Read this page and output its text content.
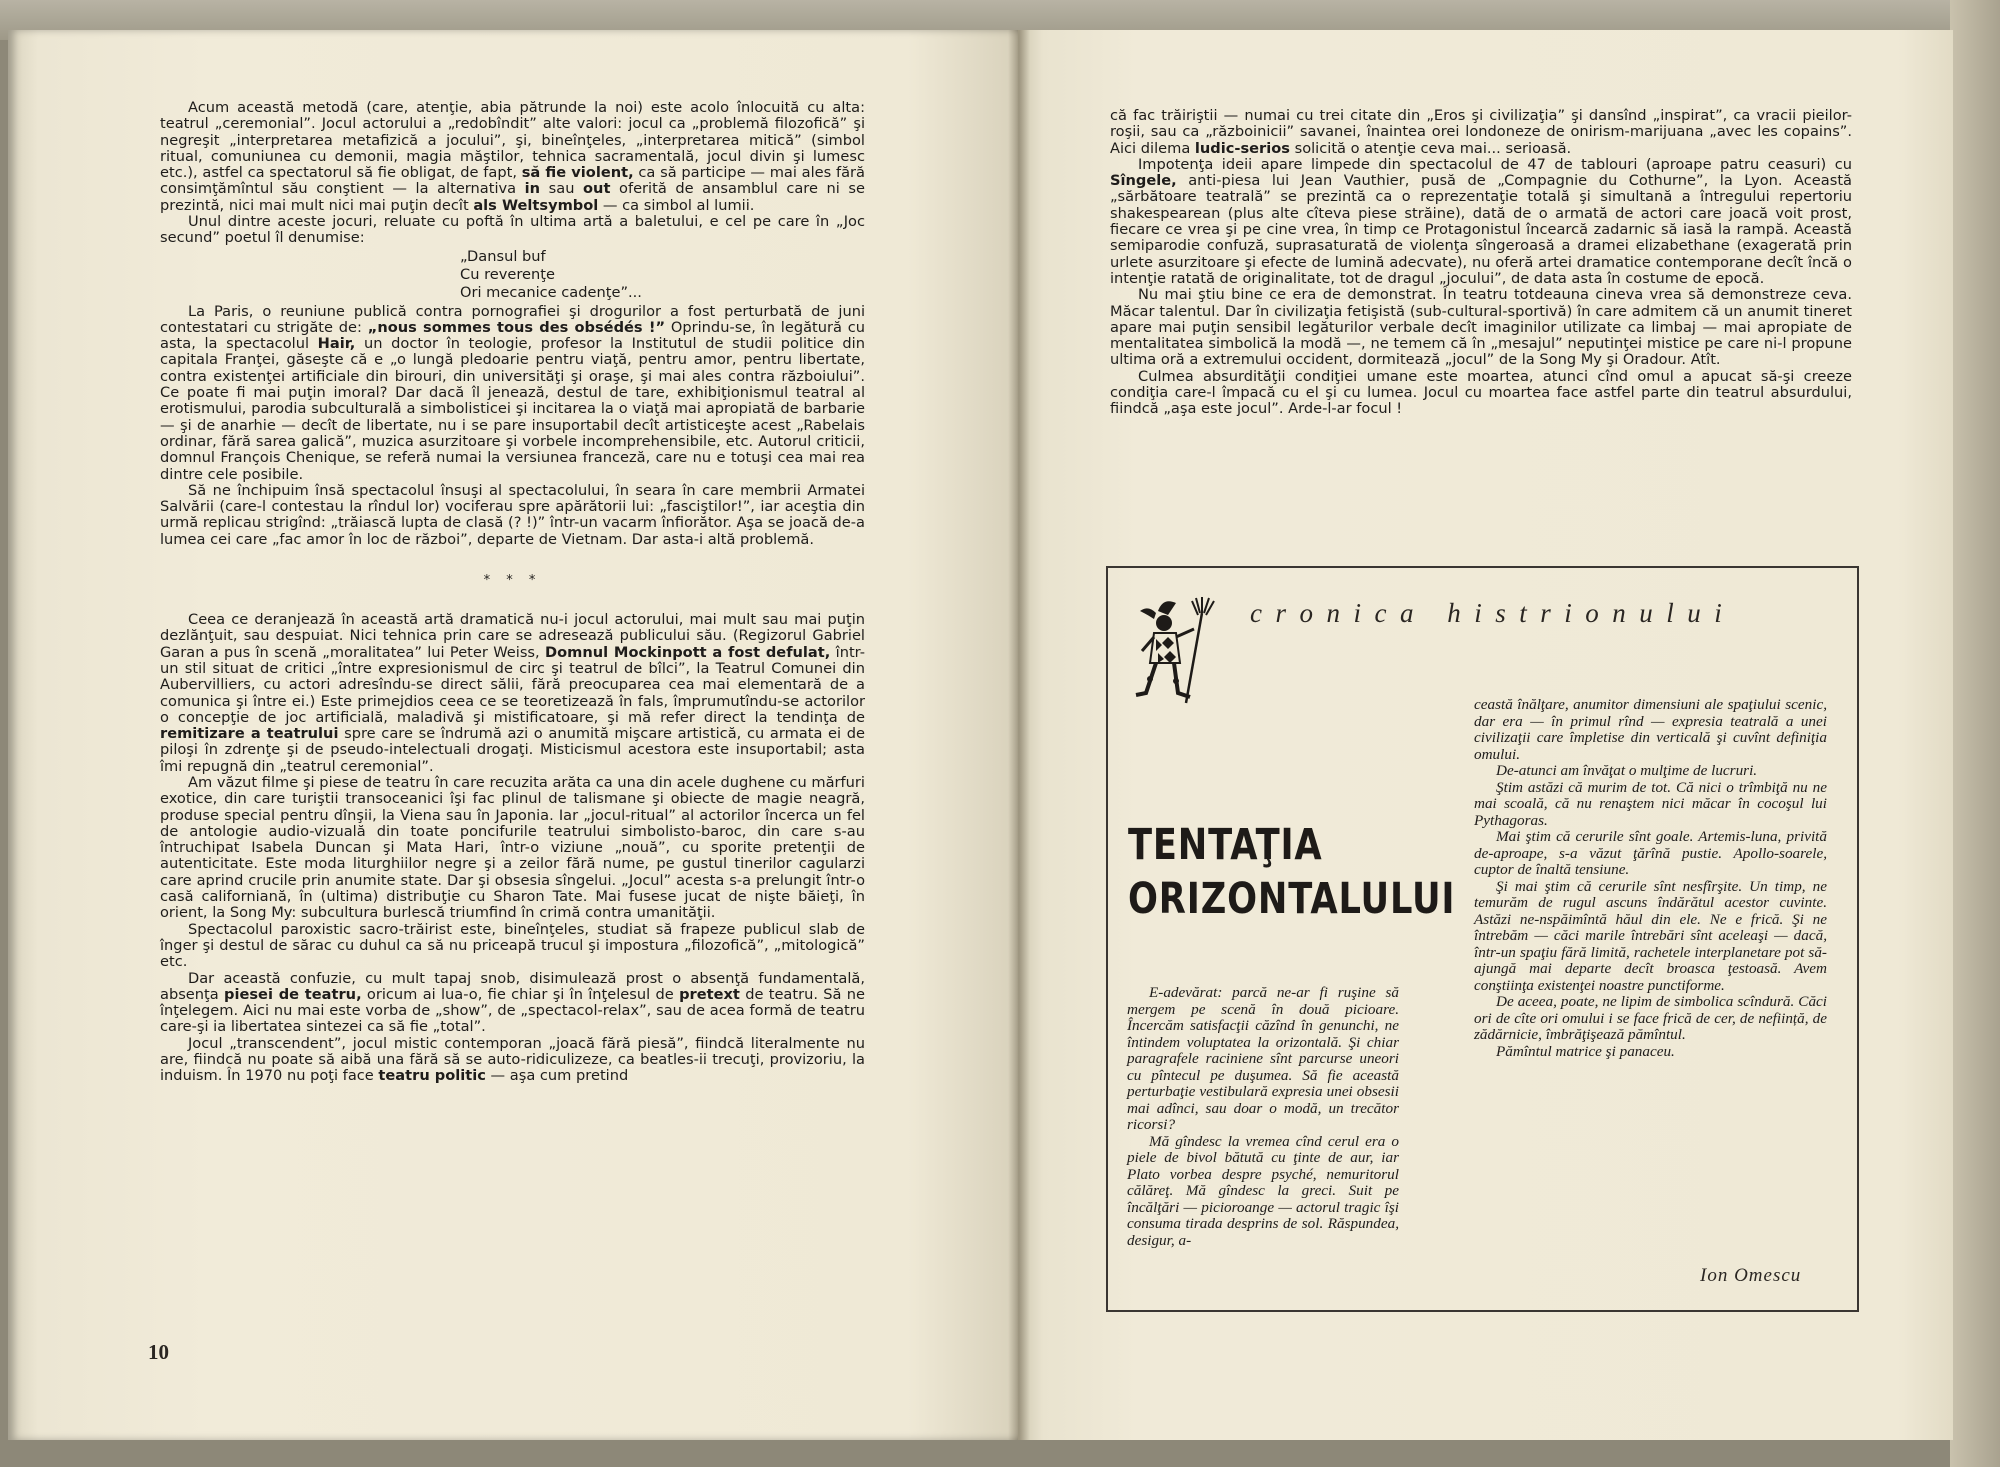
Acum această metodă (care, atenţie, abia pătrunde la noi) este acolo înlocuită cu alta: teatrul „ceremonial”. Jocul actorului a „redobîndit” alte valori: jocul ca „problemă filozofică” şi negreşit „interpretarea metafizică a jocului”, şi, bineînţeles, „interpretarea mitică” (simbol ritual, comuniunea cu demonii, magia măştilor, tehnica sacramentală, jocul divin şi lumesc etc.), astfel ca spectatorul să fie obligat, de fapt, să fie violent, ca să participe — mai ales fără consimţămîntul său conştient — la alternativa in sau out oferită de ansamblul care ni se prezintă, nici mai mult nici mai puţin decît als Weltsymbol — ca simbol al lumii.

Unul dintre aceste jocuri, reluate cu poftă în ultima artă a baletului, e cel pe care în „Joc secund” poetul îl denumise:

„Dansul buf

Cu reverenţe

Ori mecanice cadenţe”...

La Paris, o reuniune publică contra pornografiei şi drogurilor a fost perturbată de juni contestatari cu strigăte de: „nous sommes tous des obsédés !” Oprindu-se, în legătură cu asta, la spectacolul Hair, un doctor în teologie, profesor la Institutul de studii politice din capitala Franţei, găseşte că e „o lungă pledoarie pentru viaţă, pentru amor, pentru libertate, contra existenţei artificiale din birouri, din universităţi şi oraşe, şi mai ales contra războiului”. Ce poate fi mai puţin imoral? Dar dacă îl jenează, destul de tare, exhibiţionismul teatral al erotismului, parodia subculturală a simbolisticei şi incitarea la o viaţă mai apropiată de barbarie — şi de anarhie — decît de libertate, nu i se pare insuportabil decît artisticeşte acest „Rabelais ordinar, fără sarea galică”, muzica asurzitoare şi vorbele incomprehensibile, etc. Autorul criticii, domnul François Chenique, se referă numai la versiunea franceză, care nu e totuşi cea mai rea dintre cele posibile.

Să ne închipuim însă spectacolul însuşi al spectacolului, în seara în care membrii Armatei Salvării (care-l contestau la rîndul lor) vociferau spre apărătorii lui: „fasciştilor!”, iar aceştia din urmă replicau strigînd: „trăiască lupta de clasă (? !)” într-un vacarm înfiorător. Aşa se joacă de-a lumea cei care „fac amor în loc de război”, departe de Vietnam. Dar asta-i altă problemă.

* * *

Ceea ce deranjează în această artă dramatică nu-i jocul actorului, mai mult sau mai puţin dezlănţuit, sau despuiat. Nici tehnica prin care se adresează publicului său. (Regizorul Gabriel Garan a pus în scenă „moralitatea” lui Peter Weiss, Domnul Mockinpott a fost defulat, într-un stil situat de critici „între expresionismul de circ şi teatrul de bîlci”, la Teatrul Comunei din Aubervilliers, cu actori adresîndu-se direct sălii, fără preocuparea cea mai elementară de a comunica şi între ei.) Este primejdios ceea ce se teoretizează în fals, împrumutîndu-se actorilor o concepţie de joc artificială, maladivă şi mistificatoare, şi mă refer direct la tendinţa de remitizare a teatrului spre care se îndrumă azi o anumită mişcare artistică, cu armata ei de piloşi în zdrenţe şi de pseudo-intelectuali drogaţi. Misticismul acestora este insuportabil; asta îmi repugnă din „teatrul ceremonial”.

Am văzut filme şi piese de teatru în care recuzita arăta ca una din acele dughene cu mărfuri exotice, din care turiştii transoceanici îşi fac plinul de talismane şi obiecte de magie neagră, produse special pentru dînşii, la Viena sau în Japonia. Iar „jocul-ritual” al actorilor încerca un fel de antologie audio-vizuală din toate poncifurile teatrului simbolisto-baroc, din care s-au întruchipat Isabela Duncan şi Mata Hari, într-o viziune „nouă”, cu sporite pretenţii de autenticitate. Este moda liturghiilor negre şi a zeilor fără nume, pe gustul tinerilor cagularzi care aprind crucile prin anumite state. Dar şi obsesia sîngelui. „Jocul” acesta s-a prelungit într-o casă californiană, în (ultima) distribuţie cu Sharon Tate. Mai fusese jucat de nişte băieţi, în orient, la Song My: subcultura burlescă triumfind în crimă contra umanităţii.

Spectacolul paroxistic sacro-trăirist este, bineînţeles, studiat să frapeze publicul slab de înger şi destul de sărac cu duhul ca să nu priceapă trucul şi impostura „filozofică”, „mitologică” etc.

Dar această confuzie, cu mult tapaj snob, disimulează prost o absenţă fundamentală, absenţa piesei de teatru, oricum ai lua-o, fie chiar şi în înţelesul de pretext de teatru. Să ne înţelegem. Aici nu mai este vorba de „show”, de „spectacol-relax”, sau de acea formă de teatru care-şi ia libertatea sintezei ca să fie „total”.

Jocul „transcendent”, jocul mistic contemporan „joacă fără piesă”, fiindcă literalmente nu are, fiindcă nu poate să aibă una fără să se auto-ridiculizeze, ca beatles-ii trecuţi, provizoriu, la induism. În 1970 nu poţi face teatru politic — aşa cum pretind

10

că fac trăiriştii — numai cu trei citate din „Eros şi civilizaţia” şi dansînd „inspirat”, ca vracii pieilor-roşii, sau ca „războinicii” savanei, înaintea orei londoneze de onirism-marijuana „avec les copains”. Aici dilema ludic-serios solicită o atenţie ceva mai... serioasă.

Impotenţa ideii apare limpede din spectacolul de 47 de tablouri (aproape patru ceasuri) cu Sîngele, anti-piesa lui Jean Vauthier, pusă de „Compagnie du Cothurne”, la Lyon. Această „sărbătoare teatrală” se prezintă ca o reprezentaţie totală şi simultană a întregului repertoriu shakespearean (plus alte cîteva piese străine), dată de o armată de actori care joacă voit prost, fiecare ce vrea şi pe cine vrea, în timp ce Protagonistul încearcă zadarnic să iasă la rampă. Această semiparodie confuză, suprasaturată de violenţa sîngeroasă a dramei elizabethane (exagerată prin urlete asurzitoare şi efecte de lumină adecvate), nu oferă artei dramatice contemporane decît încă o intenţie ratată de originalitate, tot de dragul „jocului”, de data asta în costume de epocă.

Nu mai ştiu bine ce era de demonstrat. În teatru totdeauna cineva vrea să demonstreze ceva. Măcar talentul. Dar în civilizaţia fetişistă (sub-cultural-sportivă) în care admitem că un anumit tineret apare mai puţin sensibil legăturilor verbale decît imaginilor utilizate ca limbaj — mai apropiate de mentalitatea simbolică la modă —, ne temem că în „mesajul” neputinţei mistice pe care ni-l propune ultima oră a extremului occident, dormitează „jocul” de la Song My şi Oradour. Atît.

Culmea absurdităţii condiţiei umane este moartea, atunci cînd omul a apucat să-şi creeze condiţia care-l împacă cu el şi cu lumea. Jocul cu moartea face astfel parte din teatrul absurdului, fiindcă „aşa este jocul”. Arde-l-ar focul !

c r o n i c a   h i s t r i o n u l u i
TENTAŢIA
ORIZONTALULUI

E-adevărat: parcă ne-ar fi ruşine să mergem pe scenă în două picioare. Încercăm satisfacţii căzînd în genunchi, ne întindem voluptatea la orizontală. Şi chiar paragrafele raciniene sînt parcurse uneori cu pîntecul pe duşumea. Să fie această perturbaţie vestibulară expresia unei obsesii mai adînci, sau doar o modă, un trecător ricorsi?

Mă gîndesc la vremea cînd cerul era o piele de bivol bătută cu ţinte de aur, iar Plato vorbea despre psyché, nemuritorul călăreţ. Mă gîndesc la greci. Suit pe încălţări — picioroange — actorul tragic îşi consuma tirada desprins de sol. Răspundea, desigur, a-

ceastă înălţare, anumitor dimensiuni ale spaţiului scenic, dar era — în primul rînd — expresia teatrală a unei civilizaţii care împletise din verticală şi cuvînt definiţia omului.

De-atunci am învăţat o mulţime de lucruri.

Ştim astăzi că murim de tot. Că nici o trîmbiţă nu ne mai scoală, că nu renaştem nici măcar în cocoşul lui Pythagoras.

Mai ştim că cerurile sînt goale. Artemis-luna, privită de-aproape, s-a văzut ţărînă pustie. Apollo-soarele, cuptor de înaltă tensiune.

Şi mai ştim că cerurile sînt nesfîrşite. Un timp, ne temurăm de rugul ascuns îndărătul acestor cuvinte. Astăzi ne-nspăimîntă hăul din ele. Ne e frică. Şi ne întrebăm — căci marile întrebări sînt aceleaşi — dacă, într-un spaţiu fără limită, rachetele interplanetare pot să-ajungă mai departe decît broasca ţestoasă. Avem conştiinţa existenţei noastre punctiforme.

De aceea, poate, ne lipim de simbolica scîndură. Căci ori de cîte ori omului i se face frică de cer, de neființă, de zădărnicie, îmbrăţişează pămîntul.

Pămîntul matrice şi panaceu.

Ion Omescu
